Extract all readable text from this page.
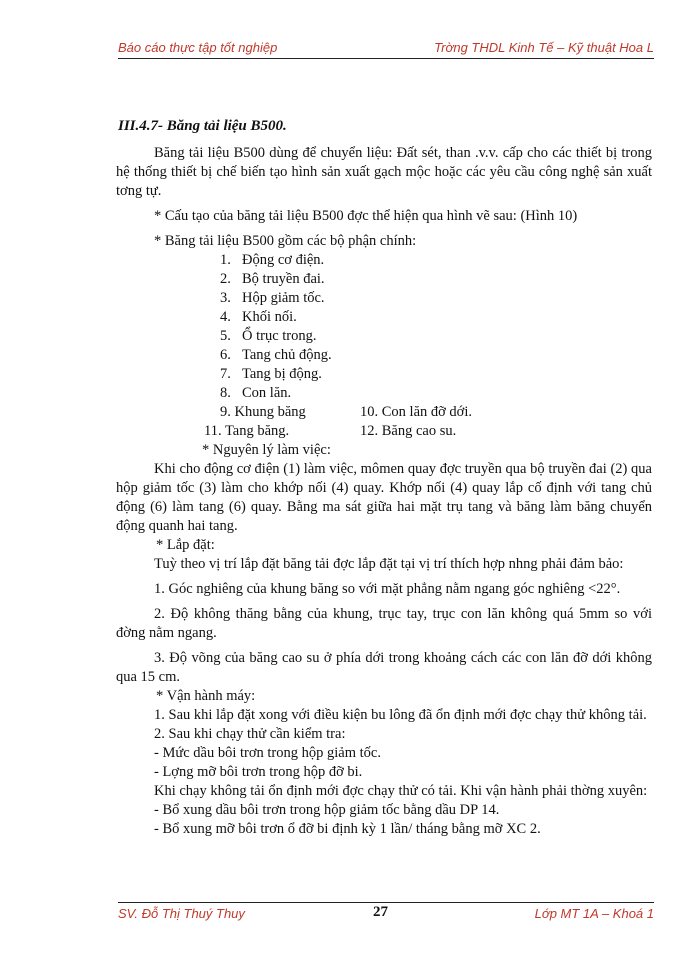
Báo cáo thực tập tốt nghiệp	Trờng THDL Kinh Tế – Kỹ thuật Hoa L

III.4.7- Băng tải liệu B500.

Băng tải liệu B500 dùng để chuyển liệu: Đất sét, than .v.v. cấp cho các thiết bị trong hệ thống thiết bị chế biến tạo hình sản xuất gạch mộc hoặc các yêu cầu công nghệ sản xuất tơng tự.

* Cấu tạo của băng tải liệu B500 đợc thể hiện qua hình vẽ sau: (Hình 10)

* Băng tải liệu B500 gồm các bộ phận chính:

1. Động cơ điện.
2. Bộ truyền đai.
3. Hộp giảm tốc.
4. Khối nối.
5. Ổ trục trong.
6. Tang chủ động.
7. Tang bị động.
8. Con lăn.
9. Khung băng	10. Con lăn đỡ dới.
11. Tang băng.	12. Băng cao su.

* Nguyên lý làm việc:

Khi cho động cơ điện (1) làm việc, mômen quay đợc truyền qua bộ truyền đai (2) qua hộp giảm tốc (3) làm cho khớp nối (4) quay. Khớp nối (4) quay lắp cố định với tang chủ động (6) làm tang (6) quay. Bằng ma sát giữa hai mặt trụ tang và băng làm băng chuyển động quanh hai tang.

* Lắp đặt:

Tuỳ theo vị trí lắp đặt băng tải đợc lắp đặt tại vị trí thích hợp nhng phải đảm bảo:

1. Góc nghiêng của khung băng so với mặt phẳng nằm ngang góc nghiêng <22°.

2. Độ không thăng bằng của khung, trục tay, trục con lăn không quá 5mm so với đờng nằm ngang.

3. Độ võng của băng cao su ở phía dới trong khoảng cách các con lăn đỡ dới không qua 15 cm.

* Vận hành máy:

1. Sau khi lắp đặt xong với điều kiện bu lông đã ổn định mới đợc chạy thử không tải.

2. Sau khi chạy thử cần kiểm tra:

- Mức dầu bôi trơn trong hộp giảm tốc.

- Lợng mỡ bôi trơn trong hộp đỡ bi.

Khi chạy không tải ổn định mới đợc chạy thử có tải. Khi vận hành phải thờng xuyên:

- Bổ xung dầu bôi trơn trong hộp giảm tốc bằng dầu DP 14.

- Bổ xung mỡ bôi trơn ổ đỡ bi định kỳ 1 lần/ tháng bằng mỡ XC 2.

SV. Đỗ Thị Thuý Thuy	27	Lớp MT 1A – Khoá 1
